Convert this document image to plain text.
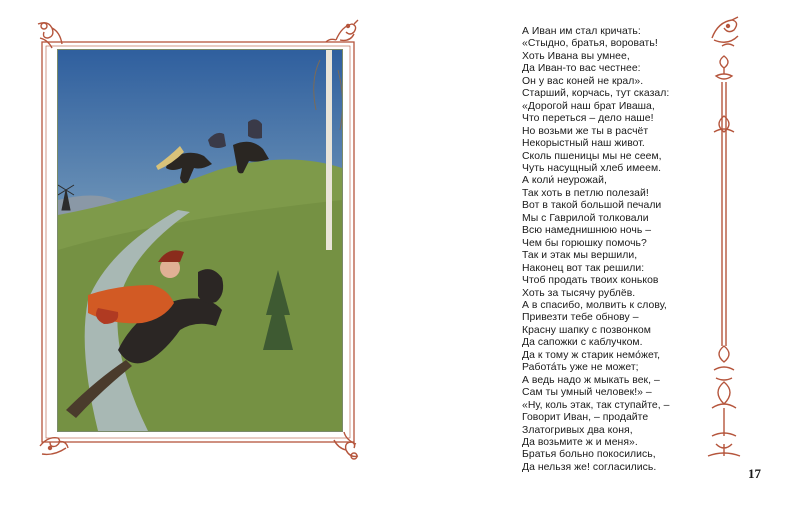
А Иван им стал кричать:
«Стыдно, братья, воровать!
Хоть Ивана вы умнее,
Да Иван-то вас честнее:
Он у вас коней не крал».
Старший, корчась, тут сказал:
«Дорогой наш брат Иваша,
Что переться – дело наше!
Но возьми же ты в расчёт
Некорыстный наш живот.
Сколь пшеницы мы не сеем,
Чуть насущный хлеб имеем.
А коли́ неурожай,
Так хоть в петлю полезай!
Вот в такой большой печали
Мы с Гаврилой толковали
Всю намеднишнюю ночь –
Чем бы горюшку помочь?
Так и этак мы вершили,
Наконец вот так решили:
Чтоб продать твоих коньков
Хоть за тысячу рублёв.
А в спасибо, молвить к слову,
Привезти тебе обнову –
Красну шапку с позвонком
Да сапожки с каблучком.
Да к тому ж старик немо́жет,
Работа́ть уже не может;
А ведь надо ж мыкать век, –
Сам ты умный человек!» –
«Ну, коль этак, так ступайте, –
Говорит Иван, – продайте
Златогривых два коня,
Да возьмите ж и меня».
Братья больно покосились,
Да нельзя же! согласились.	17
